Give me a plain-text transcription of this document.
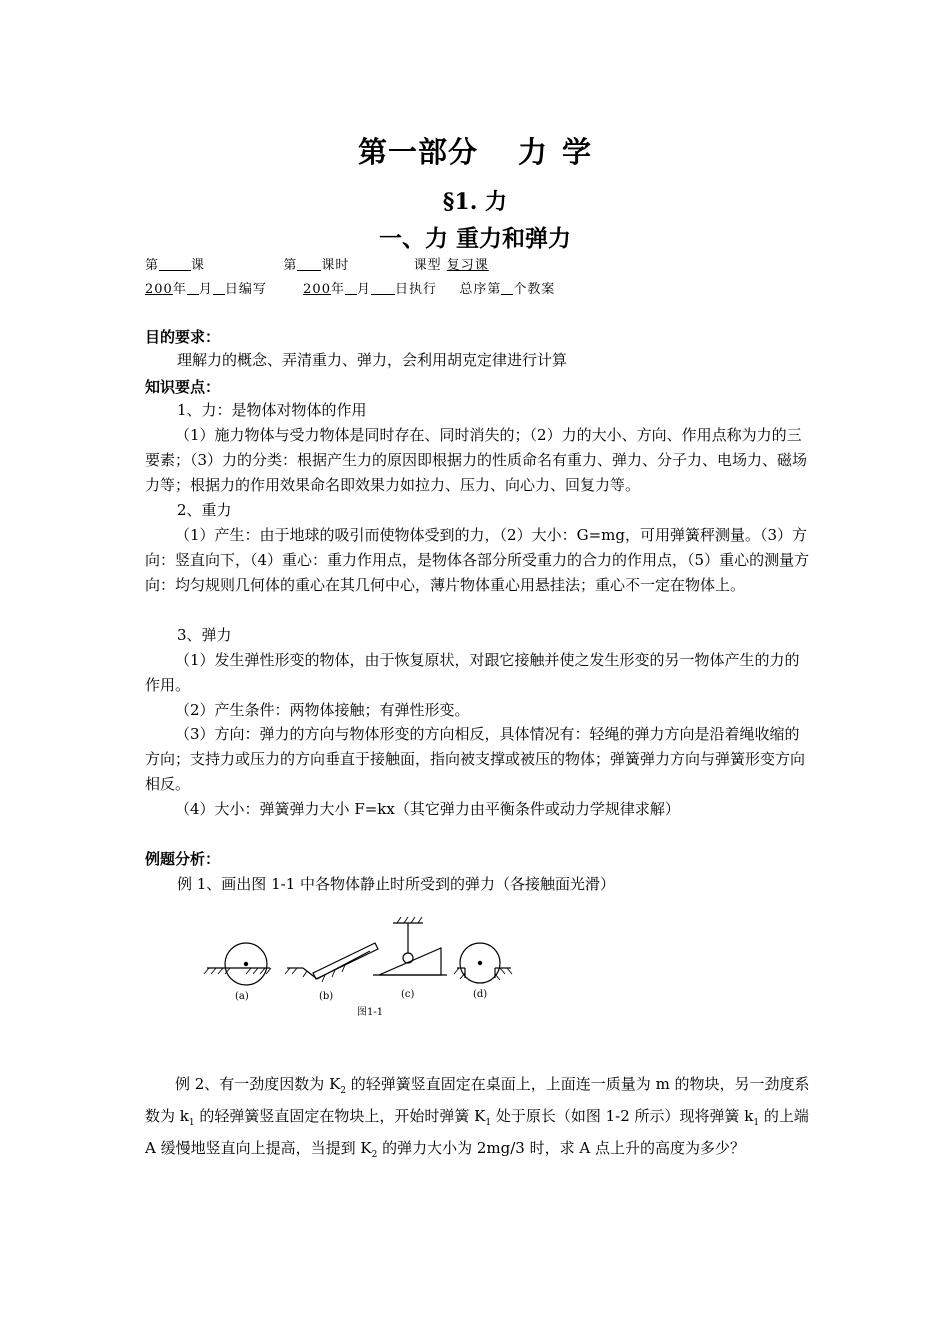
第一部分 力 学
§1. 力
一、力 重力和弹力
第 课	第 课时	课型 复习课
200年 月 日编写	200年 月 日执行 总序第 个教案
目的要求：
理解力的概念、弄清重力、弹力，会利用胡克定律进行计算
知识要点：
1、力：是物体对物体的作用
（1）施力物体与受力物体是同时存在、同时消失的；（2）力的大小、方向、作用点称为力的三要素；（3）力的分类：根据产生力的原因即根据力的性质命名有重力、弹力、分子力、电场力、磁场力等；根据力的作用效果命名即效果力如拉力、压力、向心力、回复力等。
2、重力
（1）产生：由于地球的吸引而使物体受到的力，（2）大小：G=mg，可用弹簧秤测量。（3）方向：竖直向下，（4）重心：重力作用点，是物体各部分所受重力的合力的作用点，（5）重心的测量方向：均匀规则几何体的重心在其几何中心，薄片物体重心用悬挂法；重心不一定在物体上。
3、弹力
（1）发生弹性形变的物体，由于恢复原状，对跟它接触并使之发生形变的另一物体产生的力的作用。
（2）产生条件：两物体接触；有弹性形变。
（3）方向：弹力的方向与物体形变的方向相反，具体情况有：轻绳的弹力方向是沿着绳收缩的方向；支持力或压力的方向垂直于接触面，指向被支撑或被压的物体；弹簧弹力方向与弹簧形变方向相反。
（4）大小：弹簧弹力大小 F=kx（其它弹力由平衡条件或动力学规律求解）
例题分析：
例 1、画出图 1-1 中各物体静止时所受到的弹力（各接触面光滑）
(a)	(b)	(c)	(d)
图1-1
例 2、有一劲度因数为 $K_2$ 的轻弹簧竖直固定在桌面上，上面连一质量为 m 的物块，另一劲度系数为 $k_1$ 的轻弹簧竖直固定在物块上，开始时弹簧 $K_1$ 处于原长（如图 1-2 所示）现将弹簧 $k_1$ 的上端 A 缓慢地竖直向上提高，当提到 $K_2$ 的弹力大小为 2mg/3 时，求 A 点上升的高度为多少？
